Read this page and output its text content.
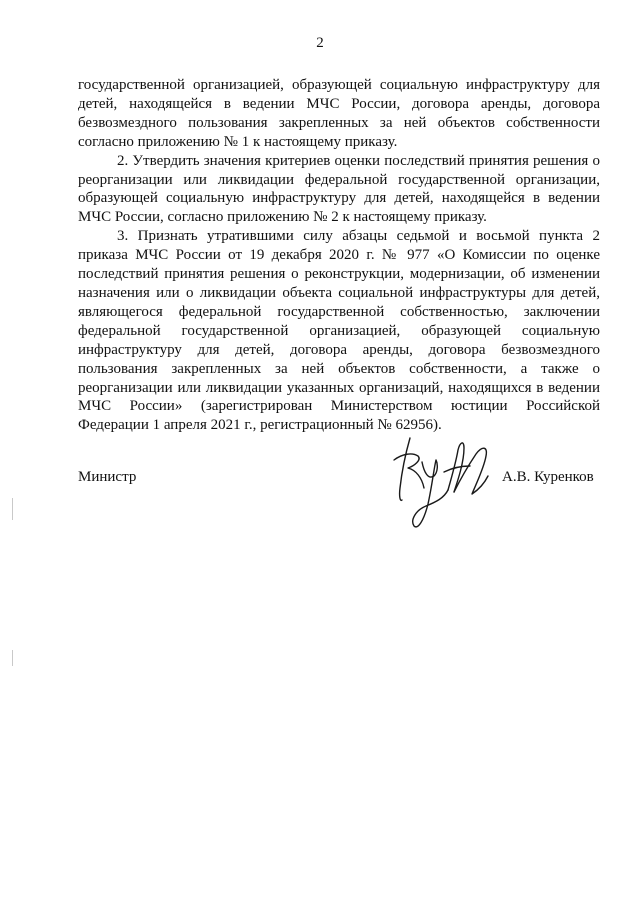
2

государственной организацией, образующей социальную инфраструктуру для детей, находящейся в ведении МЧС России, договора аренды, договора безвозмездного пользования закрепленных за ней объектов собственности согласно приложению № 1 к настоящему приказу.

2. Утвердить значения критериев оценки последствий принятия решения о реорганизации или ликвидации федеральной государственной организации, образующей социальную инфраструктуру для детей, находящейся в ведении МЧС России, согласно приложению № 2 к настоящему приказу.

3. Признать утратившими силу абзацы седьмой и восьмой пункта 2 приказа МЧС России от 19 декабря 2020 г. № 977 «О Комиссии по оценке последствий принятия решения о реконструкции, модернизации, об изменении назначения или о ликвидации объекта социальной инфраструктуры для детей, являющегося федеральной государственной собственностью, заключении федеральной государственной организацией, образующей социальную инфраструктуру для детей, договора аренды, договора безвозмездного пользования закрепленных за ней объектов собственности, а также о реорганизации или ликвидации указанных организаций, находящихся в ведении МЧС России» (зарегистрирован Министерством юстиции Российской Федерации 1 апреля 2021 г., регистрационный № 62956).

Министр	А.В. Куренков
